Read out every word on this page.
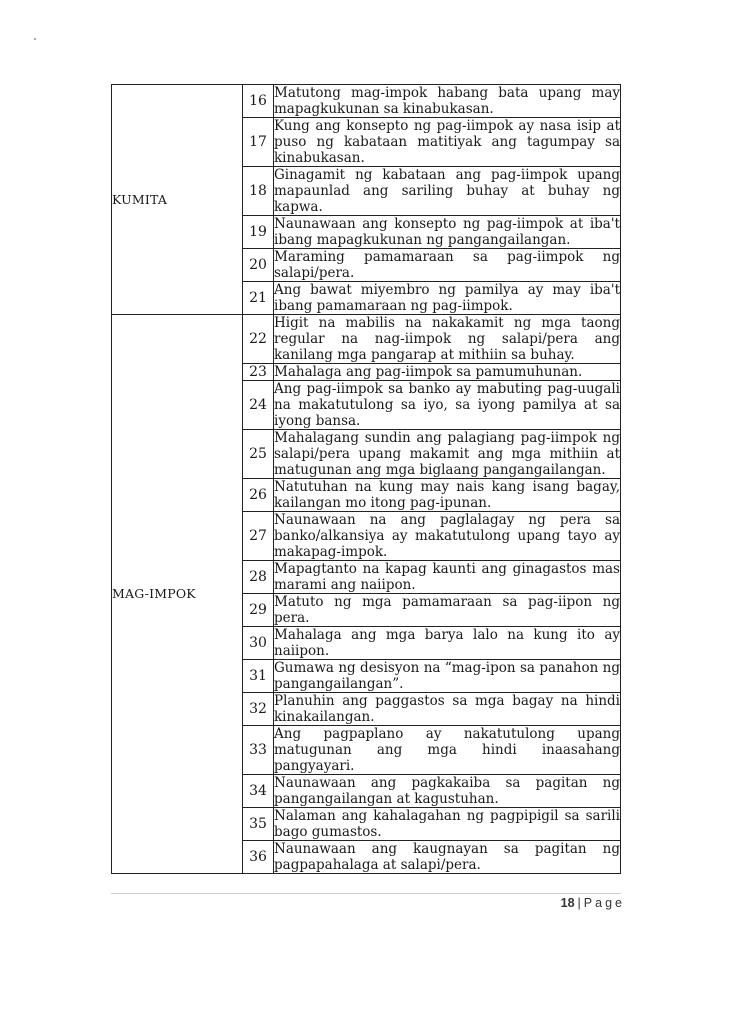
KUMITA	16	Matutong mag-impok habang bata upang may mapagkukunan sa kinabukasan.

	17	Kung ang konsepto ng pag-iimpok ay nasa isip at puso ng kabataan matitiyak ang tagumpay sa kinabukasan.

	18	Ginagamit ng kabataan ang pag-iimpok upang mapaunlad ang sariling buhay at buhay ng kapwa.

	19	Naunawaan ang konsepto ng pag-iimpok at iba't ibang mapagkukunan ng pangangailangan.

	20	Maraming pamamaraan sa pag-iimpok ng salapi/pera.

	21	Ang bawat miyembro ng pamilya ay may iba't ibang pamamaraan ng pag-iimpok.

MAG-IMPOK	22	Higit na mabilis na nakakamit ng mga taong regular na nag-iimpok ng salapi/pera ang kanilang mga pangarap at mithiin sa buhay.

	23	Mahalaga ang pag-iimpok sa pamumuhunan.

	24	Ang pag-iimpok sa banko ay mabuting pag-uugali na makatutulong sa iyo, sa iyong pamilya at sa iyong bansa.

	25	Mahalagang sundin ang palagiang pag-iimpok ng salapi/pera upang makamit ang mga mithiin at matugunan ang mga biglaang pangangailangan.

	26	Natutuhan na kung may nais kang isang bagay, kailangan mo itong pag-ipunan.

	27	Naunawaan na ang paglalagay ng pera sa banko/alkansiya ay makatutulong upang tayo ay makapag-impok.

	28	Mapagtanto na kapag kaunti ang ginagastos mas marami ang naiipon.

	29	Matuto ng mga pamamaraan sa pag-iipon ng pera.

	30	Mahalaga ang mga barya lalo na kung ito ay naiipon.

	31	Gumawa ng desisyon na “mag-ipon sa panahon ng pangangailangan”.

	32	Planuhin ang paggastos sa mga bagay na hindi kinakailangan.

	33	Ang pagpaplano ay nakatutulong upang matugunan ang mga hindi inaasahang pangyayari.

	34	Naunawaan ang pagkakaiba sa pagitan ng pangangailangan at kagustuhan.

	35	Nalaman ang kahalagahan ng pagpipigil sa sarili bago gumastos.

	36	Naunawaan ang kaugnayan sa pagitan ng pagpapahalaga at salapi/pera.
18 | Page
